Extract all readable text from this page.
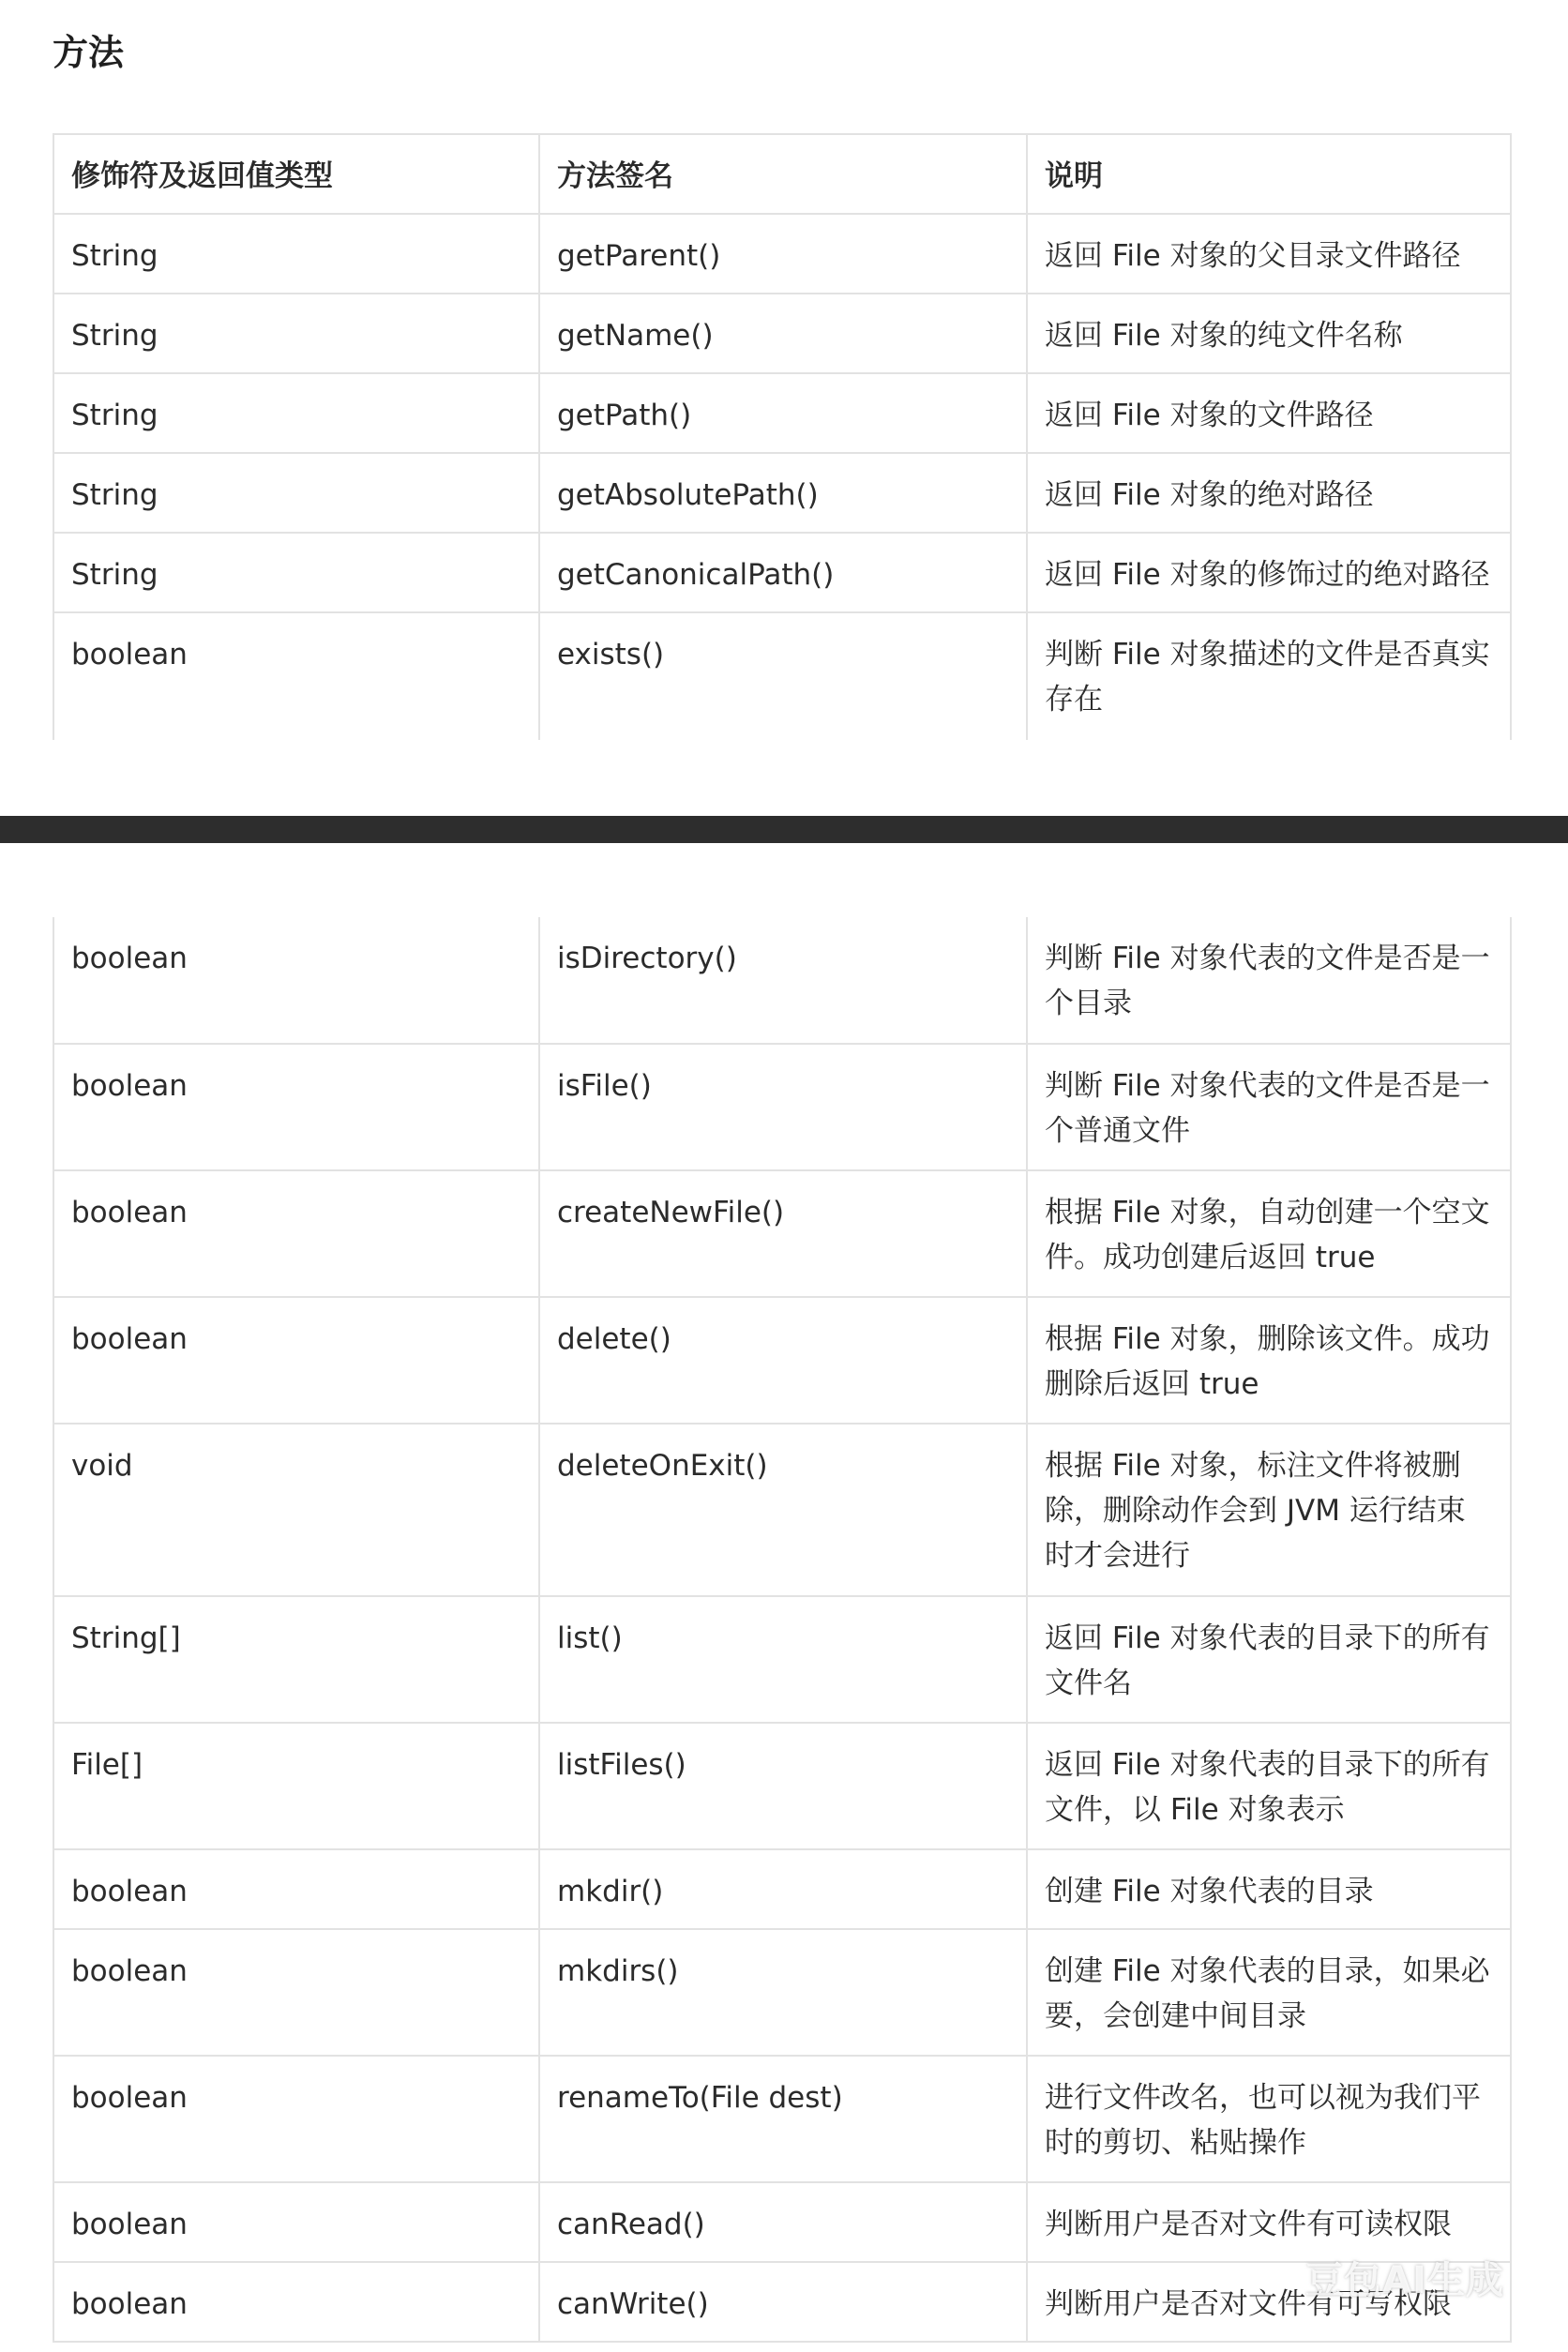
方法
修饰符及返回值类型	方法签名	说明
String	getParent()	返回 File 对象的父目录文件路径
String	getName()	返回 File 对象的纯文件名称
String	getPath()	返回 File 对象的文件路径
String	getAbsolutePath()	返回 File 对象的绝对路径
String	getCanonicalPath()	返回 File 对象的修饰过的绝对路径
boolean	exists()	判断 File 对象描述的文件是否真实存在
boolean	isDirectory()	判断 File 对象代表的文件是否是一个目录
boolean	isFile()	判断 File 对象代表的文件是否是一个普通文件
boolean	createNewFile()	根据 File 对象，自动创建一个空文件。成功创建后返回 true
boolean	delete()	根据 File 对象，删除该文件。成功删除后返回 true
void	deleteOnExit()	根据 File 对象，标注文件将被删除，删除动作会到 JVM 运行结束时才会进行
String[]	list()	返回 File 对象代表的目录下的所有文件名
File[]	listFiles()	返回 File 对象代表的目录下的所有文件，以 File 对象表示
boolean	mkdir()	创建 File 对象代表的目录
boolean	mkdirs()	创建 File 对象代表的目录，如果必要，会创建中间目录
boolean	renameTo(File dest)	进行文件改名，也可以视为我们平时的剪切、粘贴操作
boolean	canRead()	判断用户是否对文件有可读权限
boolean	canWrite()	判断用户是否对文件有可写权限
豆包AI生成
